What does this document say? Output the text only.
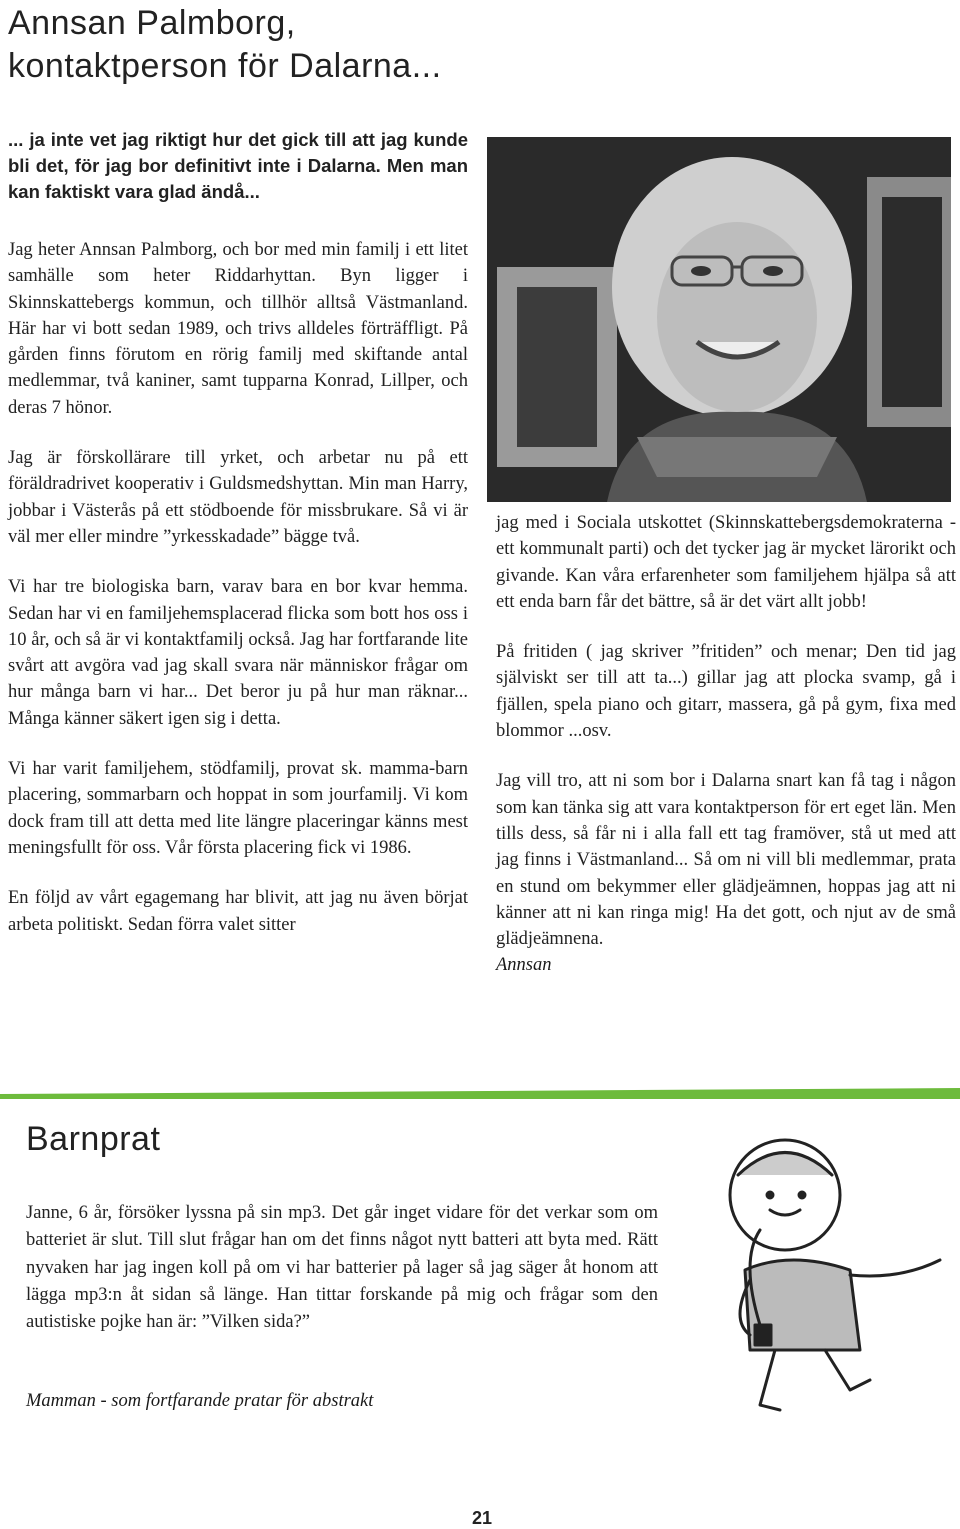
Annsan Palmborg,
kontaktperson för Dalarna...

... ja inte vet jag riktigt hur det gick till att jag kunde bli det, för jag bor definitivt inte i Dalarna. Men man kan faktiskt vara glad ändå...

Jag heter Annsan Palmborg, och bor med min familj i ett litet samhälle som heter Riddarhyttan. Byn ligger i Skinnskattebergs kommun, och tillhör alltså Västmanland. Här har vi bott sedan 1989, och trivs alldeles förträffligt. På gården finns förutom en rörig familj med skiftande antal medlemmar, två kaniner, samt tupparna Konrad, Lillper, och deras 7 hönor.

Jag är förskollärare till yrket, och arbetar nu på ett föräldradrivet kooperativ i Guldsmedshyttan. Min man Harry, jobbar i Västerås på ett stödboende för missbrukare. Så vi är väl mer eller mindre ”yrkesskadade” bägge två.

Vi har tre biologiska barn, varav bara en bor kvar hemma. Sedan har vi en familjehemsplacerad flicka som bott hos oss i 10 år, och så är vi kontaktfamilj också. Jag har fortfarande lite svårt att avgöra vad jag skall svara när människor frågar om hur många barn vi har... Det beror ju på hur man räknar... Många känner säkert igen sig i detta.

Vi har varit familjehem, stödfamilj, provat sk. mamma-barn placering, sommarbarn och hoppat in som jourfamilj. Vi kom dock fram till att detta med lite längre placeringar känns mest meningsfullt för oss. Vår första placering fick vi 1986.

En följd av vårt egagemang har blivit, att jag nu även börjat arbeta politiskt. Sedan förra valet sitter

jag med i Sociala utskottet (Skinnskattebergsdemokraterna - ett kommunalt parti) och det tycker jag är mycket lärorikt och givande. Kan våra erfarenheter som familjehem hjälpa så att ett enda barn får det bättre, så är det värt allt jobb!

På fritiden ( jag skriver ”fritiden” och menar; Den tid jag själviskt ser till att ta...) gillar jag att plocka svamp, gå i fjällen, spela piano och gitarr, massera, gå på gym, fixa med blommor ...osv.

Jag vill tro, att ni som bor i Dalarna snart kan få tag i någon som kan tänka sig att vara kontaktperson för ert eget län. Men tills dess, så får ni i alla fall ett tag framöver, stå ut med att jag finns i Västmanland... Så om ni vill bli medlemmar, prata en stund om bekymmer eller glädjeämnen, hoppas jag att ni känner att ni kan ringa mig! Ha det gott, och njut av de små glädjeämnena.

Annsan

Barnprat

Janne, 6 år, försöker lyssna på sin mp3. Det går inget vidare för det verkar som om batteriet är slut. Till slut frågar han om det finns något nytt batteri att byta med. Rätt nyvaken har jag ingen koll på om vi har batterier på lager så jag säger åt honom att lägga mp3:n åt sidan så länge. Han tittar forskande på mig och frågar som den autistiske pojke han är: ”Vilken sida?”

Mamman - som fortfarande pratar för abstrakt

21
